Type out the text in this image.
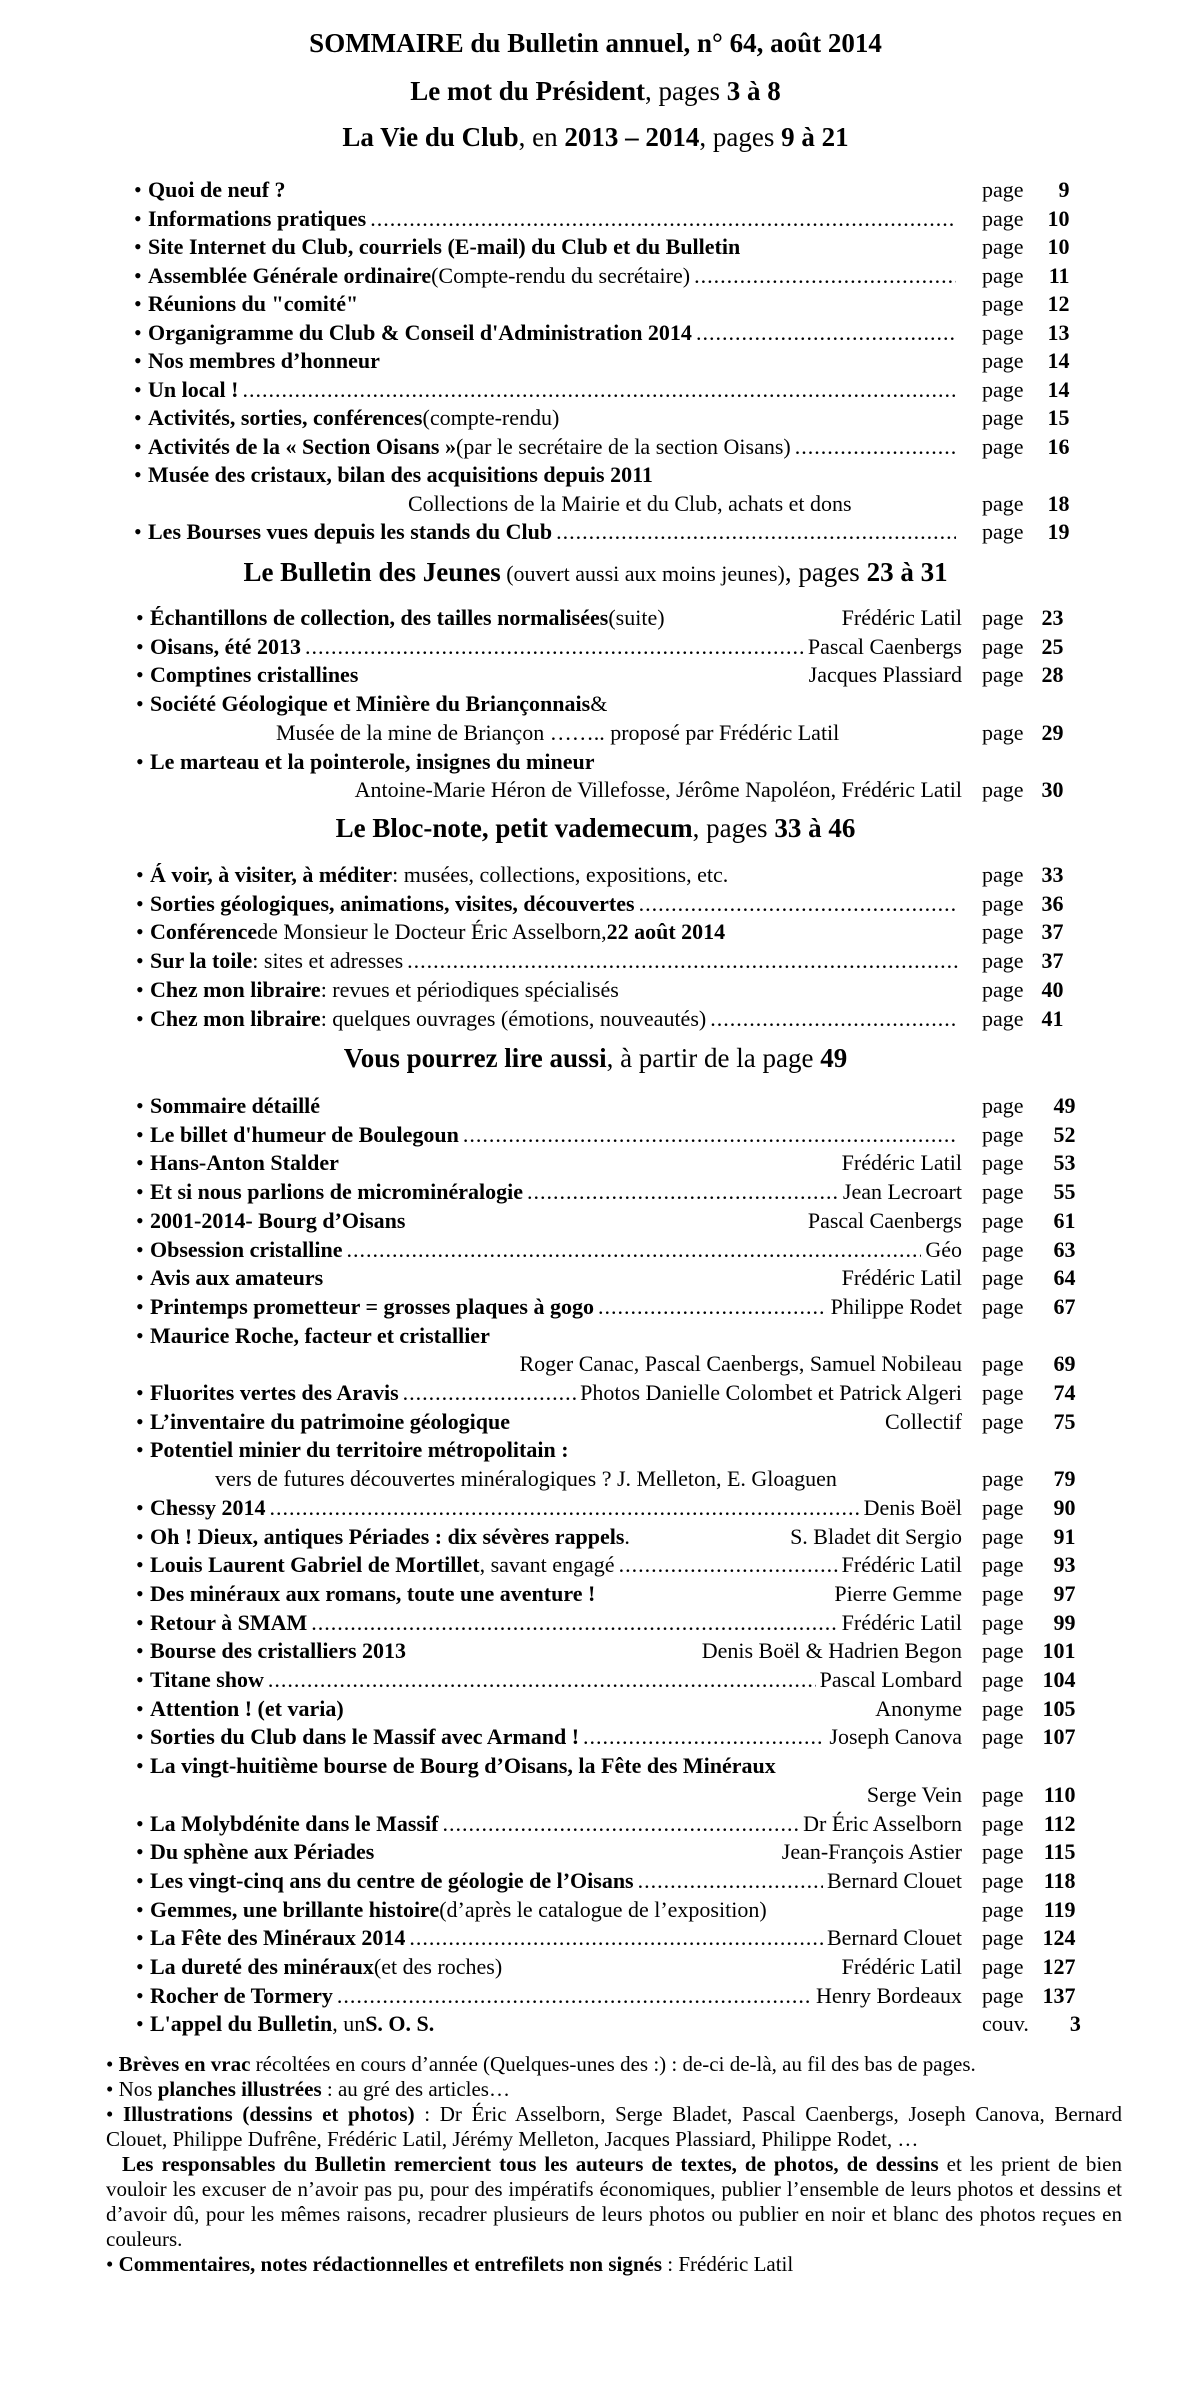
SOMMAIRE du Bulletin annuel, n° 64, août 2014
Le mot du Président, pages 3 à 8
La Vie du Club, en 2013 – 2014, pages 9 à 21
• Quoi de neuf ?	page 9
• Informations pratiques .....	page 10
• Site Internet du Club, courriels (E-mail) du Club et du Bulletin	page 10
• Assemblée Générale ordinaire (Compte-rendu du secrétaire) .....	page 11
• Réunions du "comité"	page 12
• Organigramme du Club & Conseil d'Administration 2014 .....	page 13
• Nos membres d’honneur	page 14
• Un local ! .....	page 14
• Activités, sorties, conférences (compte-rendu)	page 15
• Activités de la « Section Oisans » (par le secrétaire de la section Oisans) .....	page 16
• Musée des cristaux, bilan des acquisitions depuis 2011
Collections de la Mairie et du Club, achats et dons	page 18
• Les Bourses vues depuis les stands du Club .....	page 19
Le Bulletin des Jeunes (ouvert aussi aux moins jeunes), pages 23 à 31
• Échantillons de collection, des tailles normalisées (suite)	Frédéric Latil page 23
• Oisans, été 2013 .....	Pascal Caenbergs page 25
• Comptines cristallines	Jacques Plassiard page 28
• Société Géologique et Minière du Briançonnais &
Musée de la mine de Briançon …….. proposé par Frédéric Latil	page 29
• Le marteau et la pointerole, insignes du mineur
Antoine-Marie Héron de Villefosse, Jérôme Napoléon, Frédéric Latil page 30
Le Bloc-note, petit vademecum, pages 33 à 46
• Á voir, à visiter, à méditer : musées, collections, expositions, etc.	page 33
• Sorties géologiques, animations, visites, découvertes .....	page 36
• Conférence de Monsieur le Docteur Éric Asselborn, 22 août 2014	page 37
• Sur la toile : sites et adresses .....	page 37
• Chez mon libraire : revues et périodiques spécialisés	page 40
• Chez mon libraire : quelques ouvrages (émotions, nouveautés) .....	page 41
Vous pourrez lire aussi, à partir de la page 49
• Sommaire détaillé	page 49
• Le billet d'humeur de Boulegoun .....	page 52
• Hans-Anton Stalder	Frédéric Latil page 53
• Et si nous parlions de microminéralogie .....	Jean Lecroart page 55
• 2001-2014- Bourg d’Oisans	Pascal Caenbergs page 61
• Obsession cristalline .....	Géo page 63
• Avis aux amateurs	Frédéric Latil page 64
• Printemps prometteur = grosses plaques à gogo .....	Philippe Rodet page 67
• Maurice Roche, facteur et cristallier
Roger Canac, Pascal Caenbergs, Samuel Nobileau page 69
• Fluorites vertes des Aravis .....	Photos Danielle Colombet et Patrick Algeri page 74
• L’inventaire du patrimoine géologique	Collectif page 75
• Potentiel minier du territoire métropolitain :
vers de futures découvertes minéralogiques ? J. Melleton, E. Gloaguen	page 79
• Chessy 2014 .....	Denis Boël page 90
• Oh ! Dieux, antiques Périades : dix sévères rappels .	S. Bladet dit Sergio page 91
• Louis Laurent Gabriel de Mortillet , savant engagé .....	Frédéric Latil page 93
• Des minéraux aux romans, toute une aventure !	Pierre Gemme page 97
• Retour à SMAM .....	Frédéric Latil page 99
• Bourse des cristalliers 2013	Denis Boël & Hadrien Begon page 101
• Titane show .....	Pascal Lombard page 104
• Attention ! (et varia)	Anonyme page 105
• Sorties du Club dans le Massif avec Armand ! .....	Joseph Canova page 107
• La vingt-huitième bourse de Bourg d’Oisans, la Fête des Minéraux
Serge Vein page 110
• La Molybdénite dans le Massif .....	Dr Éric Asselborn page 112
• Du sphène aux Périades	Jean-François Astier page 115
• Les vingt-cinq ans du centre de géologie de l’Oisans .....	Bernard Clouet page 118
• Gemmes, une brillante histoire (d’après le catalogue de l’exposition)	page 119
• La Fête des Minéraux 2014 .....	Bernard Clouet page 124
• La dureté des minéraux (et des roches)	Frédéric Latil page 127
• Rocher de Tormery .....	Henry Bordeaux page 137
• L'appel du Bulletin , un S. O. S.	couv. 3
• Brèves en vrac récoltées en cours d’année (Quelques-unes des :) : de-ci de-là, au fil des bas de pages.
• Nos planches illustrées : au gré des articles…
• Illustrations (dessins et photos) : Dr Éric Asselborn, Serge Bladet, Pascal Caenbergs, Joseph Canova, Bernard Clouet, Philippe Dufrêne, Frédéric Latil, Jérémy Melleton, Jacques Plassiard, Philippe Rodet, …
Les responsables du Bulletin remercient tous les auteurs de textes, de photos, de dessins et les prient de bien vouloir les excuser de n’avoir pas pu, pour des impératifs économiques, publier l’ensemble de leurs photos et dessins et d’avoir dû, pour les mêmes raisons, recadrer plusieurs de leurs photos ou publier en noir et blanc des photos reçues en couleurs.
• Commentaires, notes rédactionnelles et entrefilets non signés : Frédéric Latil
